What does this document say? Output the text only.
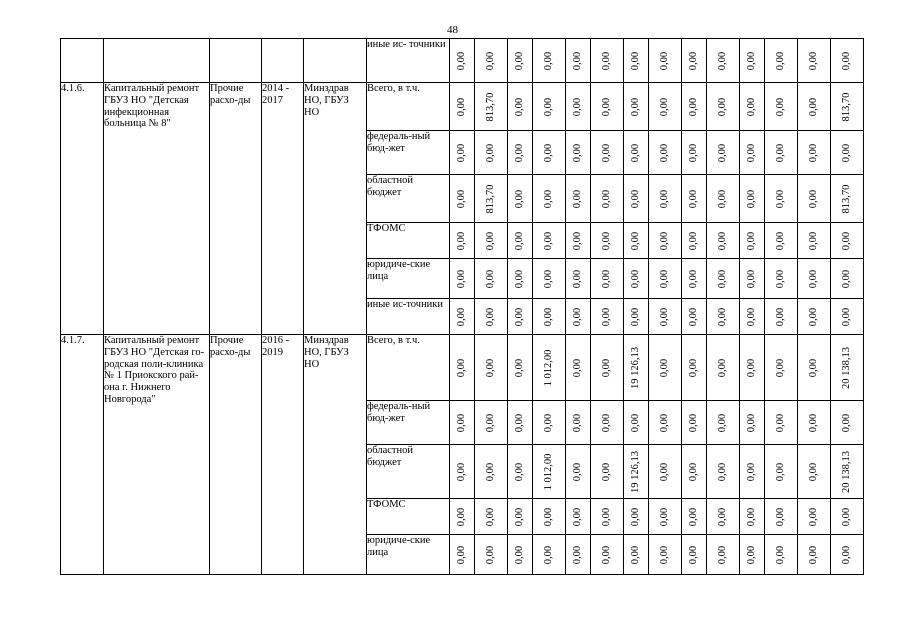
48
					иные ис- точники	0,00	0,00	0,00	0,00	0,00	0,00	0,00	0,00	0,00	0,00	0,00	0,00	0,00	0,00

4.1.6.	Капитальный ремонт ГБУЗ НО "Детская инфекционная больница № 8"	Прочие расхо-ды	2014 - 2017	Минздрав НО, ГБУЗ НО	Всего, в т.ч.	0,00	813,70	0,00	0,00	0,00	0,00	0,00	0,00	0,00	0,00	0,00	0,00	0,00	813,70

					федераль-ный бюд-жет	0,00	0,00	0,00	0,00	0,00	0,00	0,00	0,00	0,00	0,00	0,00	0,00	0,00	0,00

					областной бюджет	0,00	813,70	0,00	0,00	0,00	0,00	0,00	0,00	0,00	0,00	0,00	0,00	0,00	813,70

					ТФОМС	0,00	0,00	0,00	0,00	0,00	0,00	0,00	0,00	0,00	0,00	0,00	0,00	0,00	0,00

					юридиче-ские лица	0,00	0,00	0,00	0,00	0,00	0,00	0,00	0,00	0,00	0,00	0,00	0,00	0,00	0,00

					иные ис-точники	0,00	0,00	0,00	0,00	0,00	0,00	0,00	0,00	0,00	0,00	0,00	0,00	0,00	0,00

4.1.7.	Капитальный ремонт ГБУЗ НО "Детская го-родская поли-клиника № 1 Приокского рай-она г. Нижнего Новгорода"	Прочие расхо-ды	2016 - 2019	Минздрав НО, ГБУЗ НО	Всего, в т.ч.	0,00	0,00	0,00	1 012,00	0,00	0,00	19 126,13	0,00	0,00	0,00	0,00	0,00	0,00	20 138,13

					федераль-ный бюд-жет	0,00	0,00	0,00	0,00	0,00	0,00	0,00	0,00	0,00	0,00	0,00	0,00	0,00	0,00

					областной бюджет	0,00	0,00	0,00	1 012,00	0,00	0,00	19 126,13	0,00	0,00	0,00	0,00	0,00	0,00	20 138,13

					ТФОМС	0,00	0,00	0,00	0,00	0,00	0,00	0,00	0,00	0,00	0,00	0,00	0,00	0,00	0,00

					юридиче-ские лица	0,00	0,00	0,00	0,00	0,00	0,00	0,00	0,00	0,00	0,00	0,00	0,00	0,00	0,00
